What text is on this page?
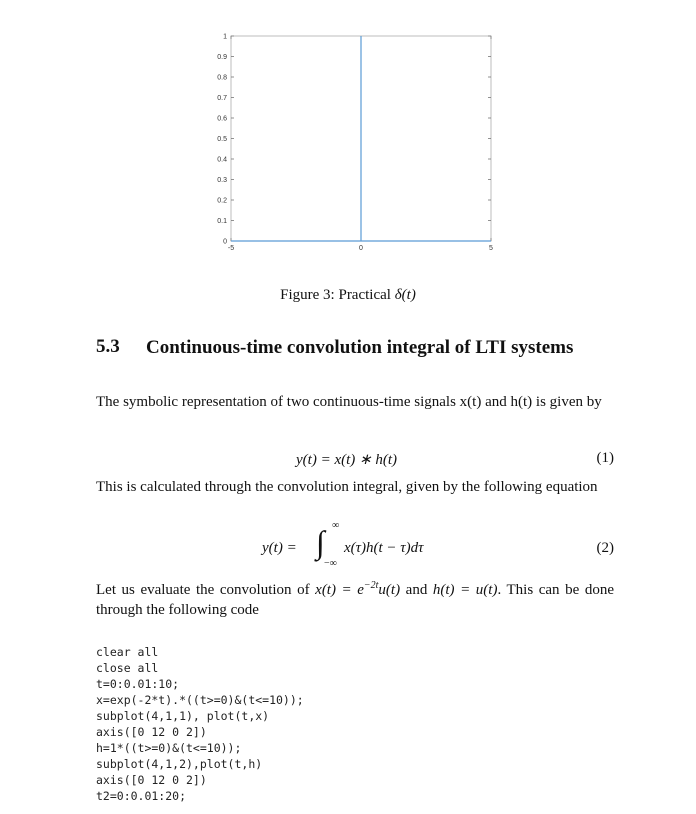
0
0.1
0.2
0.3
0.4
0.5
0.6
0.7
0.8
0.9
1
-5	0	5
Figure 3: Practical δ(t)
5.3 Continuous-time convolution integral of LTI systems
The symbolic representation of two continuous-time signals x(t) and h(t) is given by
y(t) = x(t) ∗ h(t)	(1)
This is calculated through the convolution integral, given by the following equation
y(t) = ∫ ∞
−∞
x(τ)h(t − τ)dτ	(2)
Let us evaluate the convolution of $x(t) = e^{-2t}u(t)$ and h(t) = u(t). This can be done through the following code
clear all
close all
t=0:0.01:10;
x=exp(-2*t).*((t>=0)&(t<=10));
subplot(4,1,1), plot(t,x)
axis([0 12 0 2])
h=1*((t>=0)&(t<=10));
subplot(4,1,2),plot(t,h)
axis([0 12 0 2])
t2=0:0.01:20;
